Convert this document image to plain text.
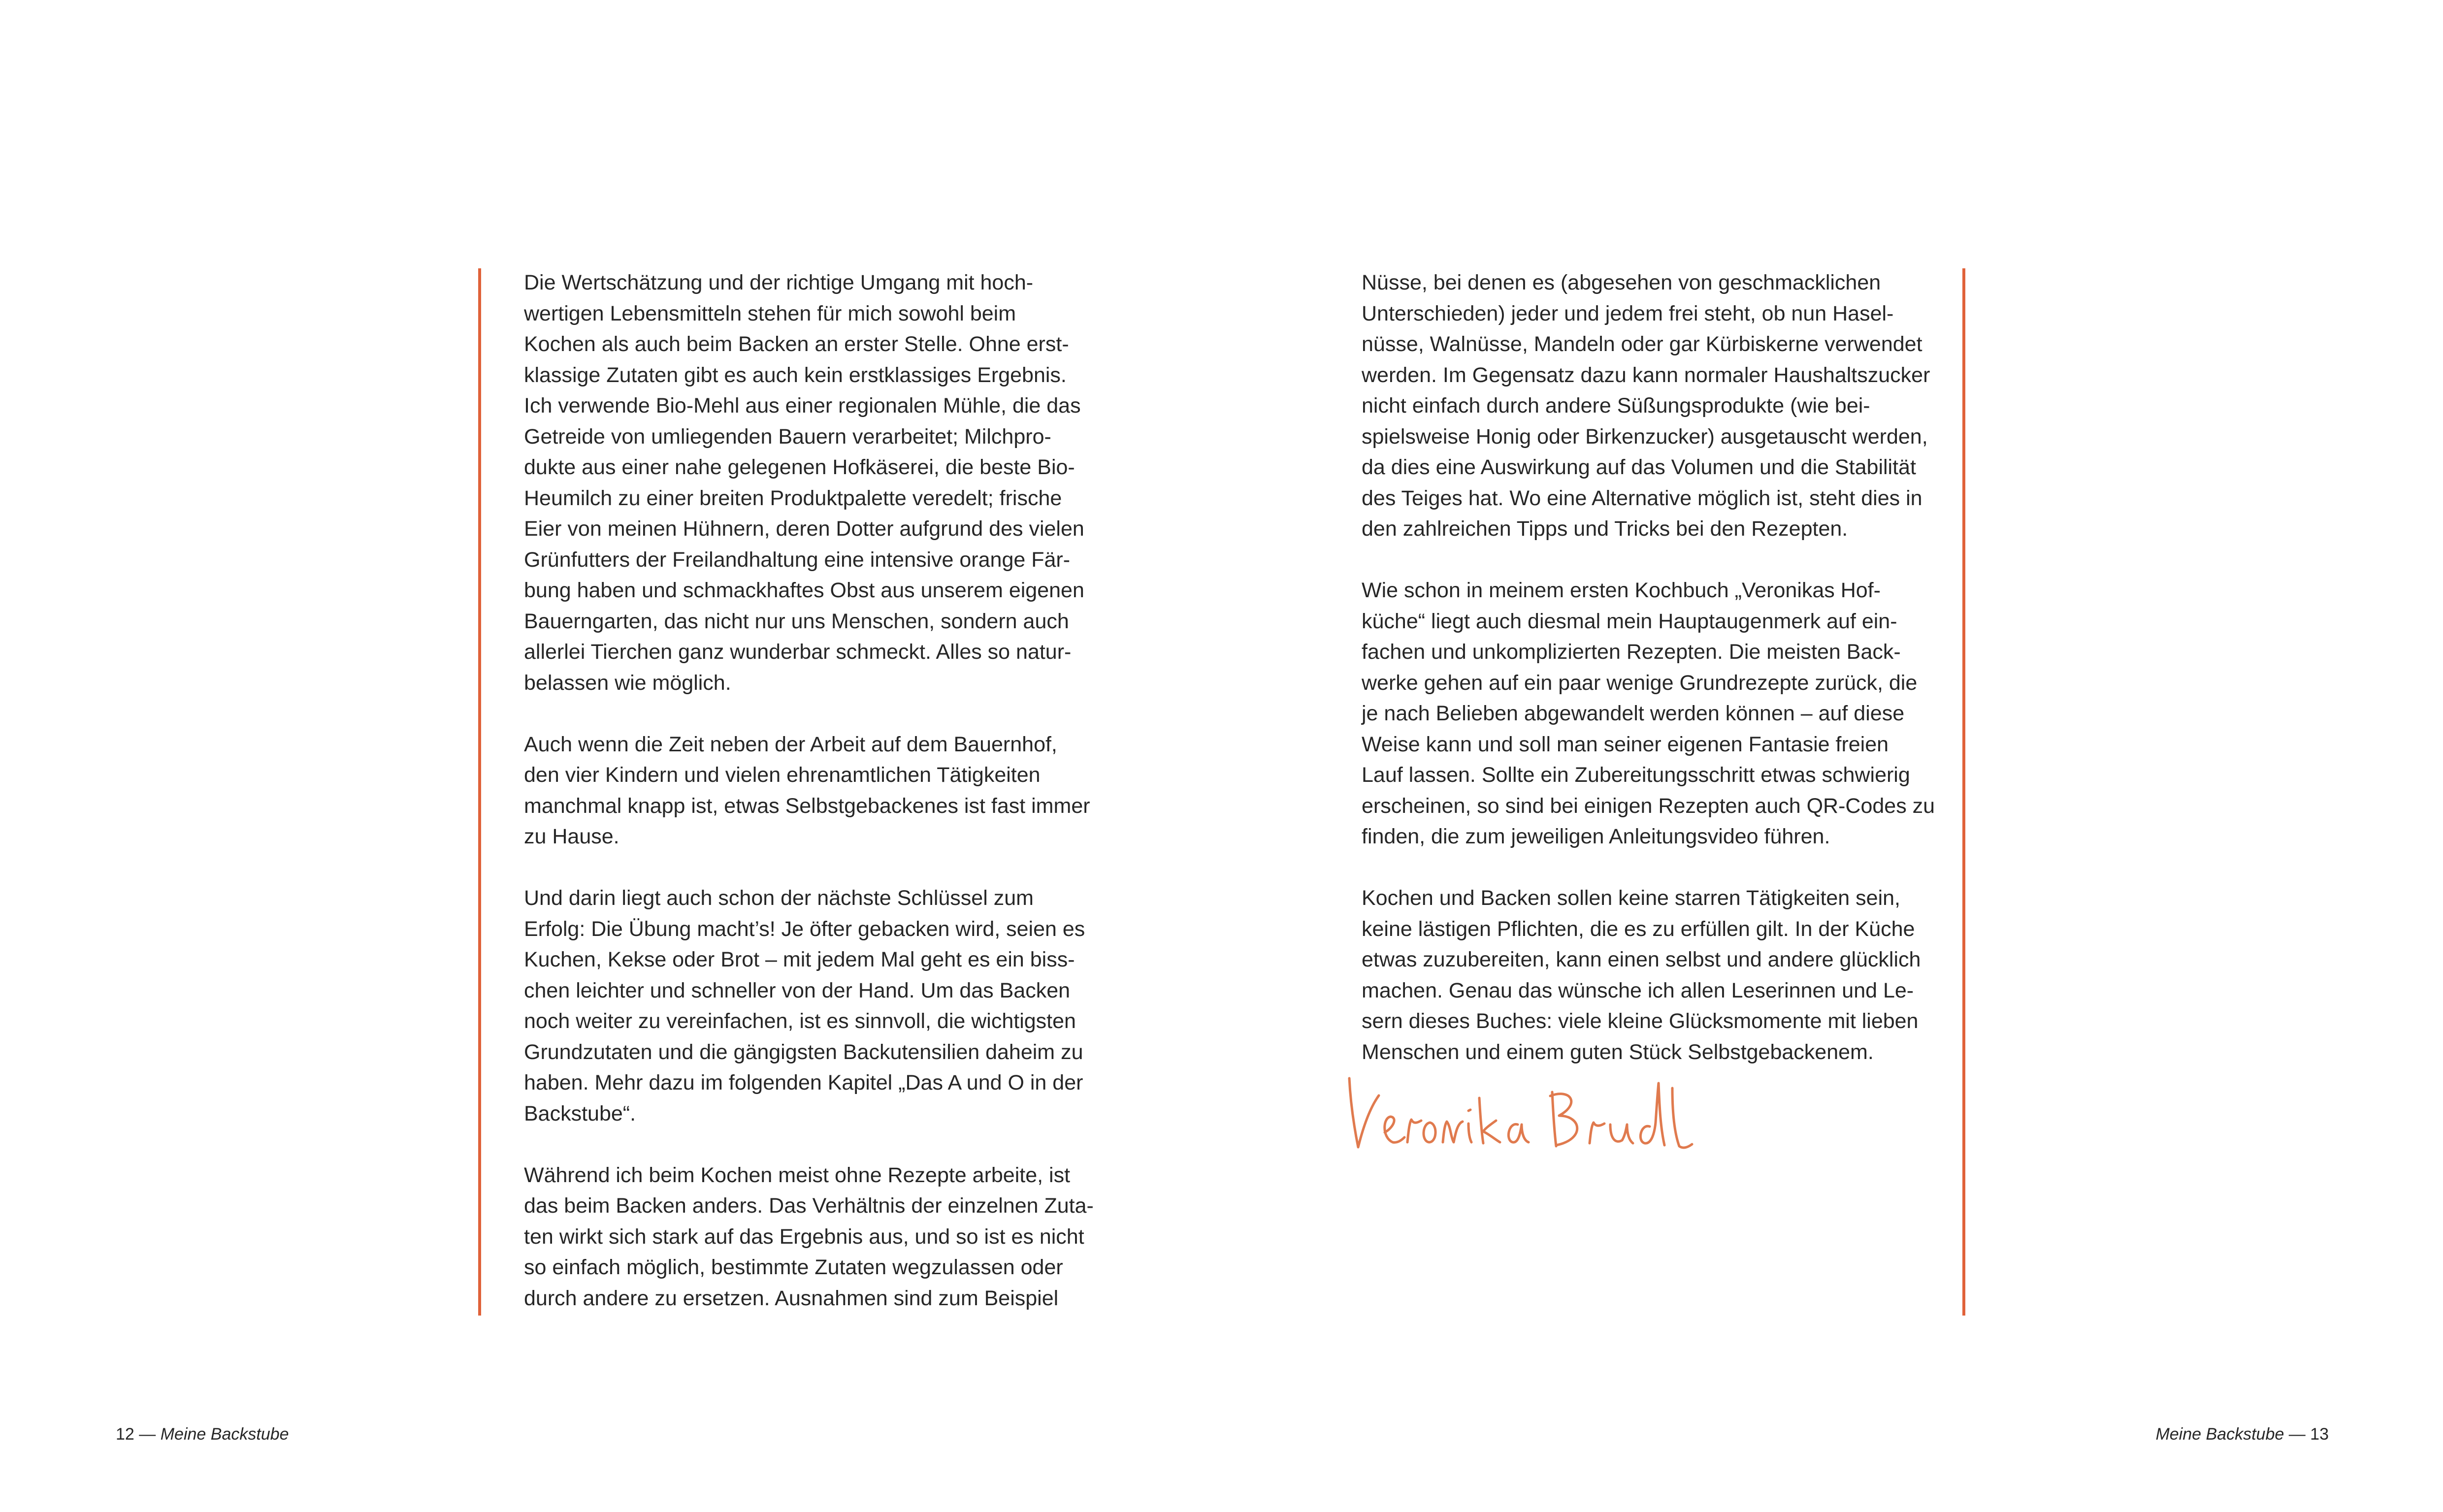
Die Wertschätzung und der richtige Umgang mit hoch-
wertigen Lebensmitteln stehen für mich sowohl beim
Kochen als auch beim Backen an erster Stelle. Ohne erst-
klassige Zutaten gibt es auch kein erstklassiges Ergebnis.
Ich verwende Bio-Mehl aus einer regionalen Mühle, die das
Getreide von umliegenden Bauern verarbeitet; Milchpro-
dukte aus einer nahe gelegenen Hofkäserei, die beste Bio-
Heumilch zu einer breiten Produktpalette veredelt; frische
Eier von meinen Hühnern, deren Dotter aufgrund des vielen
Grünfutters der Freilandhaltung eine intensive orange Fär-
bung haben und schmackhaftes Obst aus unserem eigenen
Bauerngarten, das nicht nur uns Menschen, sondern auch
allerlei Tierchen ganz wunderbar schmeckt. Alles so natur-
belassen wie möglich.

Auch wenn die Zeit neben der Arbeit auf dem Bauernhof,
den vier Kindern und vielen ehrenamtlichen Tätigkeiten
manchmal knapp ist, etwas Selbstgebackenes ist fast immer
zu Hause.

Und darin liegt auch schon der nächste Schlüssel zum
Erfolg: Die Übung macht’s! Je öfter gebacken wird, seien es
Kuchen, Kekse oder Brot – mit jedem Mal geht es ein biss-
chen leichter und schneller von der Hand. Um das Backen
noch weiter zu vereinfachen, ist es sinnvoll, die wichtigsten
Grundzutaten und die gängigsten Backutensilien daheim zu
haben. Mehr dazu im folgenden Kapitel „Das A und O in der
Backstube“.

Während ich beim Kochen meist ohne Rezepte arbeite, ist
das beim Backen anders. Das Verhältnis der einzelnen Zuta-
ten wirkt sich stark auf das Ergebnis aus, und so ist es nicht
so einfach möglich, bestimmte Zutaten wegzulassen oder
durch andere zu ersetzen. Ausnahmen sind zum Beispiel

Nüsse, bei denen es (abgesehen von geschmacklichen
Unterschieden) jeder und jedem frei steht, ob nun Hasel-
nüsse, Walnüsse, Mandeln oder gar Kürbiskerne verwendet
werden. Im Gegensatz dazu kann normaler Haushaltszucker
nicht einfach durch andere Süßungsprodukte (wie bei-
spielsweise Honig oder Birkenzucker) ausgetauscht werden,
da dies eine Auswirkung auf das Volumen und die Stabilität
des Teiges hat. Wo eine Alternative möglich ist, steht dies in
den zahlreichen Tipps und Tricks bei den Rezepten.

Wie schon in meinem ersten Kochbuch „Veronikas Hof-
küche“ liegt auch diesmal mein Hauptaugenmerk auf ein-
fachen und unkomplizierten Rezepten. Die meisten Back-
werke gehen auf ein paar wenige Grundrezepte zurück, die
je nach Belieben abgewandelt werden können – auf diese
Weise kann und soll man seiner eigenen Fantasie freien
Lauf lassen. Sollte ein Zubereitungsschritt etwas schwierig
erscheinen, so sind bei einigen Rezepten auch QR-Codes zu
finden, die zum jeweiligen Anleitungsvideo führen.

Kochen und Backen sollen keine starren Tätigkeiten sein,
keine lästigen Pflichten, die es zu erfüllen gilt. In der Küche
etwas zuzubereiten, kann einen selbst und andere glücklich
machen. Genau das wünsche ich allen Leserinnen und Le-
sern dieses Buches: viele kleine Glücksmomente mit lieben
Menschen und einem guten Stück Selbstgebackenem.

Veronika Brudl
12 — Meine Backstube	Meine Backstube — 13
